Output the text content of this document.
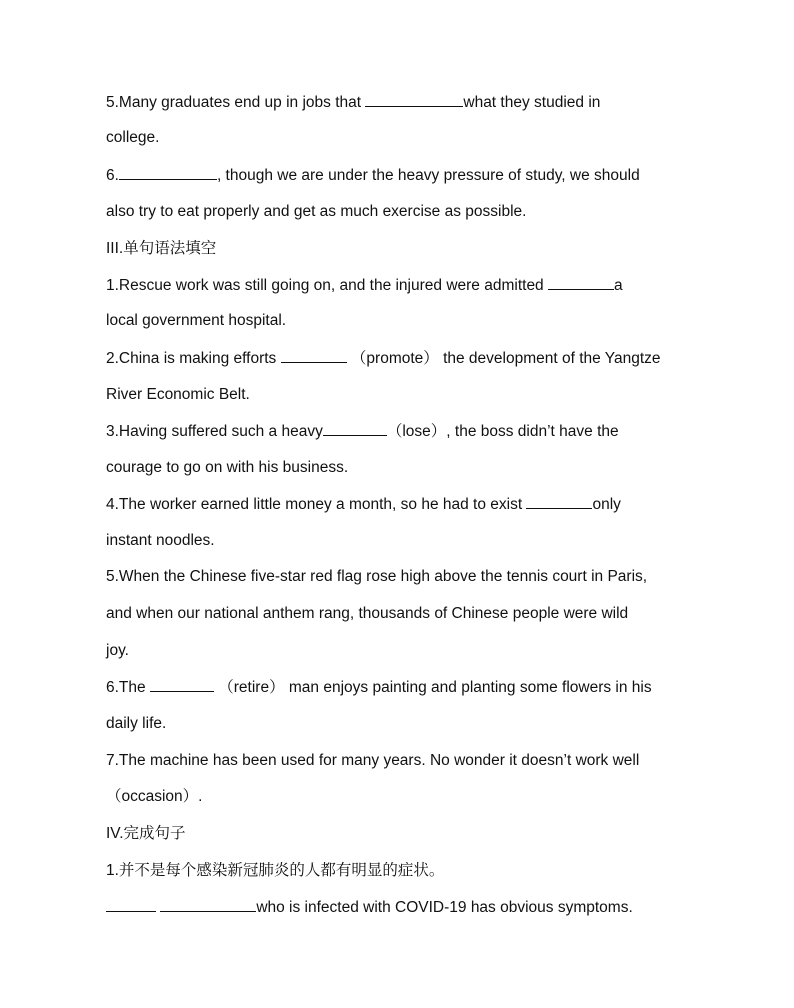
5.Many graduates end up in jobs that	what they studied in
college.
6.	, though we are under the heavy pressure of study, we should
also try to eat properly and get as much exercise as possible.
III.单句语法填空
1.Rescue work was still going on, and the injured were admitted	a
local government hospital.
2.China is making efforts	（promote） the development of the Yangtze
River Economic Belt.
3.Having suffered such a heavy	（lose）, the boss didn’t have the
courage to go on with his business.
4.The worker earned little money a month, so he had to exist	only
instant noodles.
5.When the Chinese five-star red flag rose high above the tennis court in Paris,
and when our national anthem rang, thousands of Chinese people were wild
joy.
6.The	（retire） man enjoys painting and planting some flowers in his
daily life.
7.The machine has been used for many years. No wonder it doesn’t work well
（occasion）.
IV.完成句子
1.并不是每个感染新冠肺炎的人都有明显的症状。
who is infected with COVID-19 has obvious symptoms.
